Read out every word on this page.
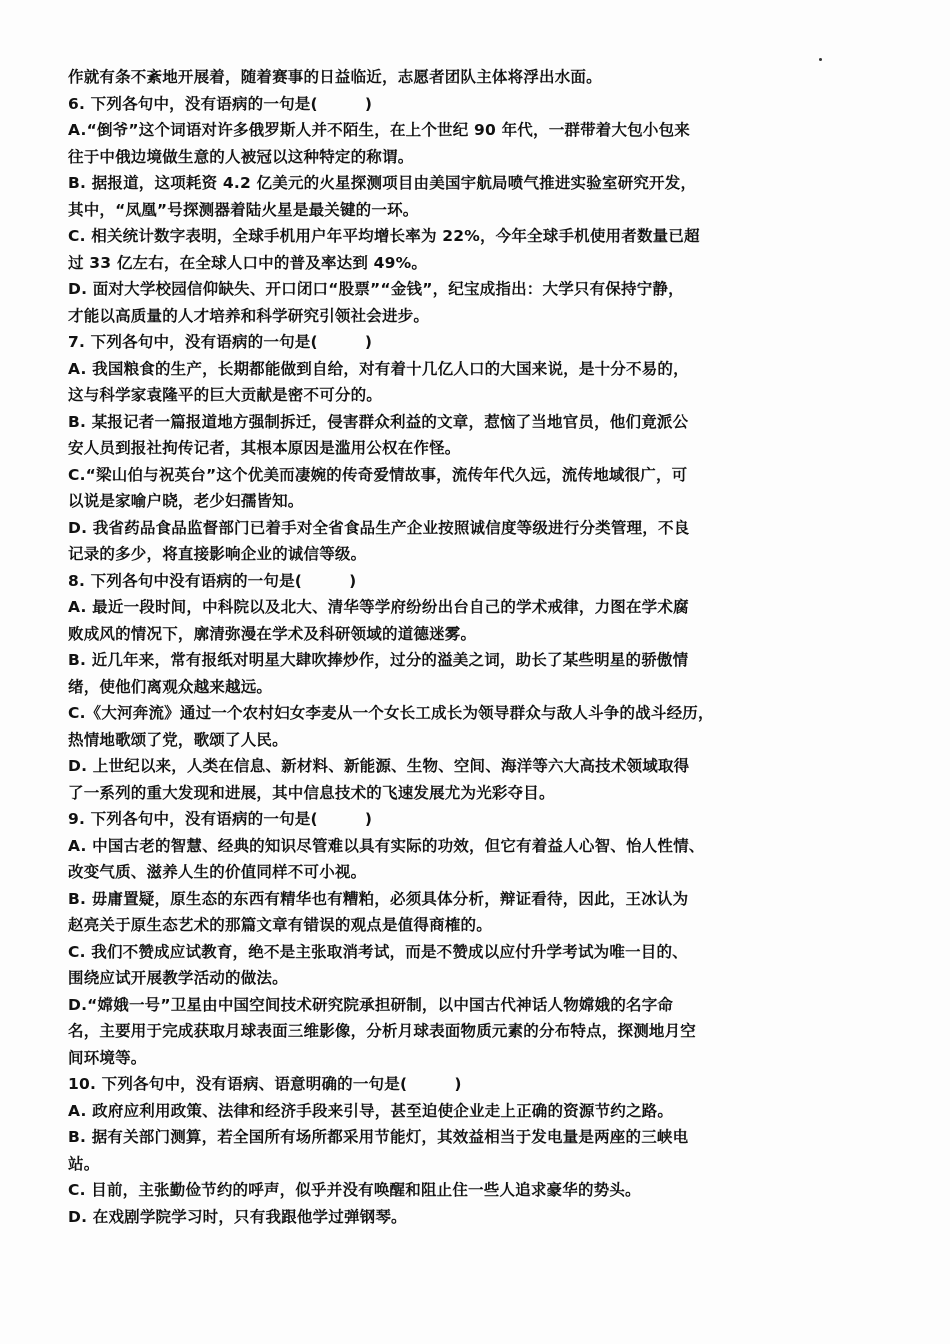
作就有条不紊地开展着，随着赛事的日益临近，志愿者团队主体将浮出水面。
6. 下列各句中，没有语病的一句是(　　　)
A.“倒爷”这个词语对许多俄罗斯人并不陌生，在上个世纪 90 年代，一群带着大包小包来
往于中俄边境做生意的人被冠以这种特定的称谓。
B. 据报道，这项耗资 4.2 亿美元的火星探测项目由美国宇航局喷气推进实验室研究开发，
其中，“凤凰”号探测器着陆火星是最关键的一环。
C. 相关统计数字表明，全球手机用户年平均增长率为 22%，今年全球手机使用者数量已超
过 33 亿左右，在全球人口中的普及率达到 49%。
D. 面对大学校园信仰缺失、开口闭口“股票”“金钱”，纪宝成指出：大学只有保持宁静，
才能以高质量的人才培养和科学研究引领社会进步。
7. 下列各句中，没有语病的一句是(　　　)
A. 我国粮食的生产，长期都能做到自给，对有着十几亿人口的大国来说，是十分不易的，
这与科学家袁隆平的巨大贡献是密不可分的。
B. 某报记者一篇报道地方强制拆迁，侵害群众利益的文章，惹恼了当地官员，他们竟派公
安人员到报社拘传记者，其根本原因是滥用公权在作怪。
C.“梁山伯与祝英台”这个优美而凄婉的传奇爱情故事，流传年代久远，流传地域很广，可
以说是家喻户晓，老少妇孺皆知。
D. 我省药品食品监督部门已着手对全省食品生产企业按照诚信度等级进行分类管理，不良
记录的多少，将直接影响企业的诚信等级。
8. 下列各句中没有语病的一句是(　　　)
A. 最近一段时间，中科院以及北大、清华等学府纷纷出台自己的学术戒律，力图在学术腐
败成风的情况下，廓清弥漫在学术及科研领域的道德迷雾。
B. 近几年来，常有报纸对明星大肆吹捧炒作，过分的溢美之词，助长了某些明星的骄傲情
绪，使他们离观众越来越远。
C.《大河奔流》通过一个农村妇女李麦从一个女长工成长为领导群众与敌人斗争的战斗经历，
热情地歌颂了党，歌颂了人民。
D. 上世纪以来，人类在信息、新材料、新能源、生物、空间、海洋等六大高技术领域取得
了一系列的重大发现和进展，其中信息技术的飞速发展尤为光彩夺目。
9. 下列各句中，没有语病的一句是(　　　)
A. 中国古老的智慧、经典的知识尽管难以具有实际的功效，但它有着益人心智、怡人性情、
改变气质、滋养人生的价值同样不可小视。
B. 毋庸置疑，原生态的东西有精华也有糟粕，必须具体分析，辩证看待，因此，王冰认为
赵亮关于原生态艺术的那篇文章有错误的观点是值得商榷的。
C. 我们不赞成应试教育，绝不是主张取消考试，而是不赞成以应付升学考试为唯一目的、
围绕应试开展教学活动的做法。
D.“嫦娥一号”卫星由中国空间技术研究院承担研制，以中国古代神话人物嫦娥的名字命
名，主要用于完成获取月球表面三维影像，分析月球表面物质元素的分布特点，探测地月空
间环境等。
10. 下列各句中，没有语病、语意明确的一句是(　　　)
A. 政府应利用政策、法律和经济手段来引导，甚至迫使企业走上正确的资源节约之路。
B. 据有关部门测算，若全国所有场所都采用节能灯，其效益相当于发电量是两座的三峡电
站。
C. 目前，主张勤俭节约的呼声，似乎并没有唤醒和阻止住一些人追求豪华的势头。
D. 在戏剧学院学习时，只有我跟他学过弹钢琴。
